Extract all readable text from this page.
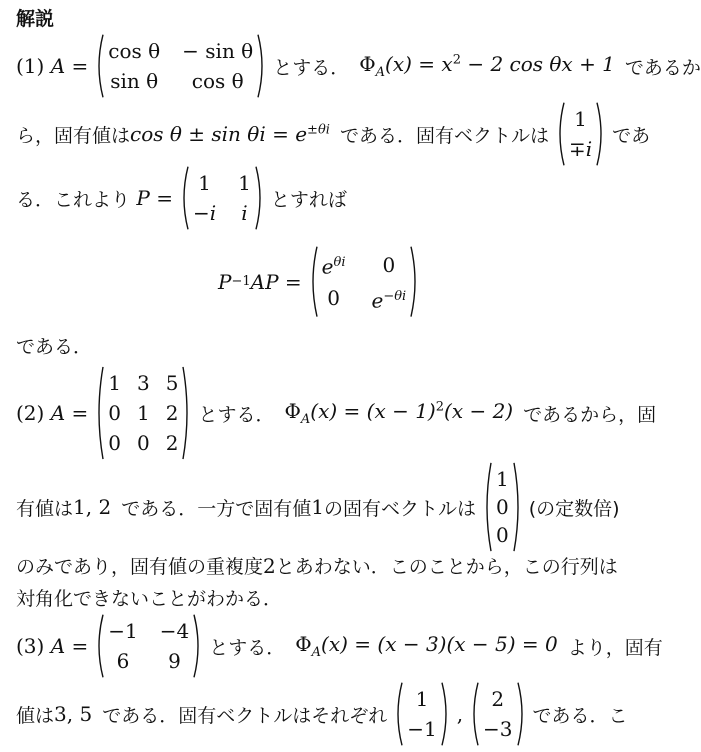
解説
(1)
A =
cos θ − sin θ
sin θ cos θ
とする． $\Phi_A(x) = x^2 - 2$ cos θx + 1 であるか
ら，固有値は $\cos \theta \pm \sin \theta i = e^{\pm\theta i}$ である．固有ベクトルは
1
∓i
であ
る．これより
P =
1 1
−i i
とすれば
P −1 AP =
$e^{\theta i}$ 0
0 $e^{-\theta i}$
である．
(2)
A =
1 3 5
0 1 2
0 0 2
とする． $\Phi_A(x) = (x - 1)^2(x - 2)$ であるから，固
有値は 1, 2 である．一方で固有値 1 の固有ベクトルは
1
0
0
(の定数倍)
のみであり，固有値の重複度 2 とあわない．このことから，この行列は
対角化できないことがわかる．
(3)
A =
−1 −4
6 9
とする． $\Phi_A(x) = (x - 3)(x - 5) = 0$ より，固有
値は 3, 5 である．固有ベクトルはそれぞれ
1
−1
,
2
−3
である．こ
